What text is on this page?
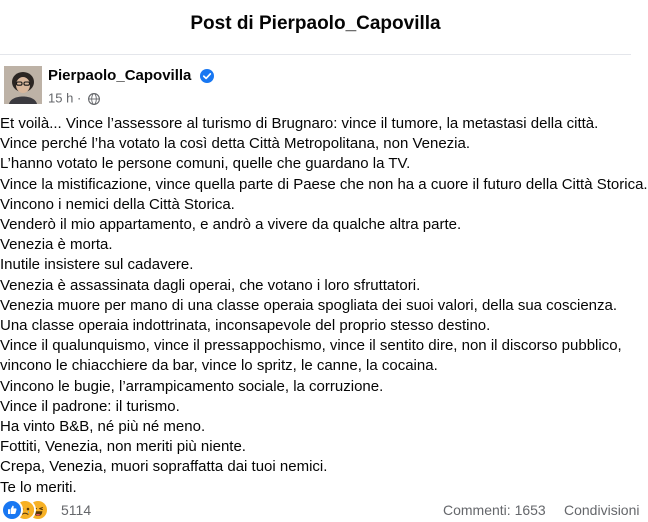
Post di Pierpaolo_Capovilla
Pierpaolo_Capovilla
15 h ·
Et voilà... Vince l’assessore al turismo di Brugnaro: vince il tumore, la metastasi della città.
Vince perché l’ha votato la così detta Città Metropolitana, non Venezia.
L’hanno votato le persone comuni, quelle che guardano la TV.
Vince la mistificazione, vince quella parte di Paese che non ha a cuore il futuro della Città Storica.
Vincono i nemici della Città Storica.
Venderò il mio appartamento, e andrò a vivere da qualche altra parte.
Venezia è morta.
Inutile insistere sul cadavere.
Venezia è assassinata dagli operai, che votano i loro sfruttatori.
Venezia muore per mano di una classe operaia spogliata dei suoi valori, della sua coscienza.
Una classe operaia indottrinata, inconsapevole del proprio stesso destino.
Vince il qualunquismo, vince il pressappochismo, vince il sentito dire, non il discorso pubblico,
vincono le chiacchiere da bar, vince lo spritz, le canne, la cocaina.
Vincono le bugie, l’arrampicamento sociale, la corruzione.
Vince il padrone: il turismo.
Ha vinto B&B, né più né meno.
Fottiti, Venezia, non meriti più niente.
Crepa, Venezia, muori sopraffatta dai tuoi nemici.
Te lo meriti.
5114	Commenti: 1653 Condivisioni
